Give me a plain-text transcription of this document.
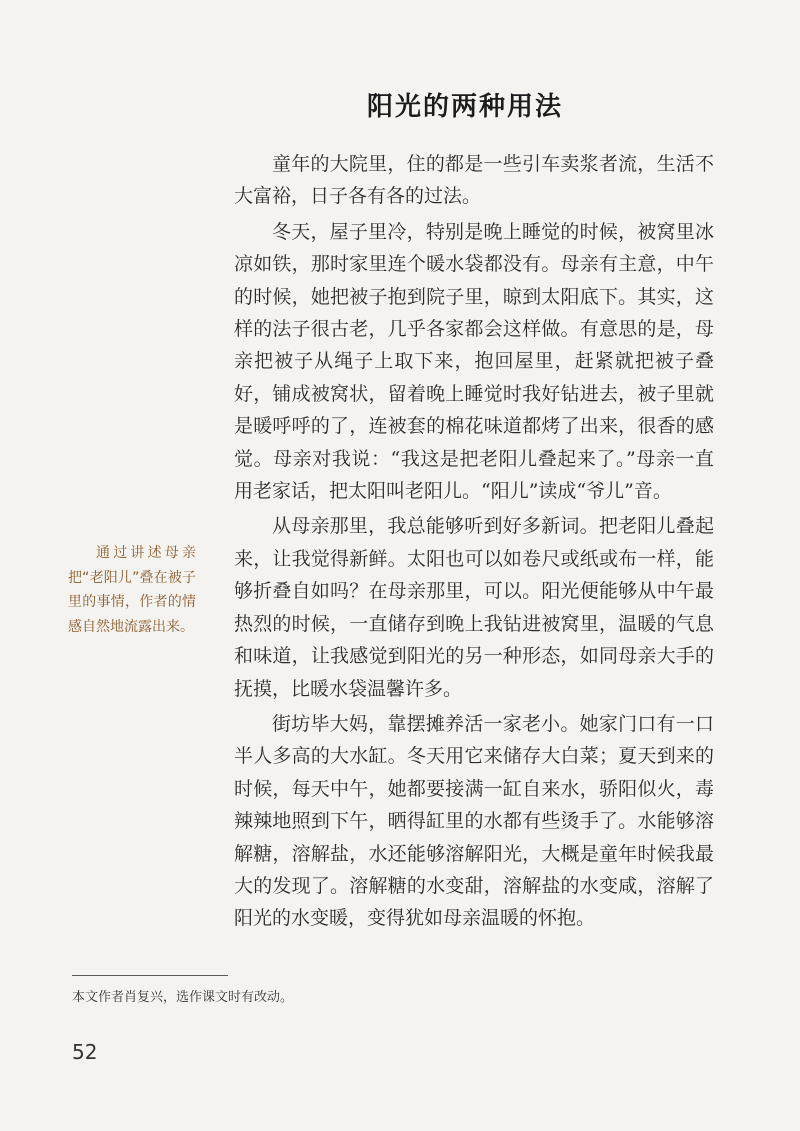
阳光的两种用法

童年的大院里，住的都是一些引车卖浆者流，生活不大富裕，日子各有各的过法。

冬天，屋子里冷，特别是晚上睡觉的时候，被窝里冰凉如铁，那时家里连个暖水袋都没有。母亲有主意，中午的时候，她把被子抱到院子里，晾到太阳底下。其实，这样的法子很古老，几乎各家都会这样做。有意思的是，母亲把被子从绳子上取下来，抱回屋里，赶紧就把被子叠好，铺成被窝状，留着晚上睡觉时我好钻进去，被子里就是暖呼呼的了，连被套的棉花味道都烤了出来，很香的感觉。母亲对我说：“我这是把老阳儿叠起来了。”母亲一直用老家话，把太阳叫老阳儿。“阳儿”读成“爷儿”音。

从母亲那里，我总能够听到好多新词。把老阳儿叠起来，让我觉得新鲜。太阳也可以如卷尺或纸或布一样，能够折叠自如吗？在母亲那里，可以。阳光便能够从中午最热烈的时候，一直储存到晚上我钻进被窝里，温暖的气息和味道，让我感觉到阳光的另一种形态，如同母亲大手的抚摸，比暖水袋温馨许多。

街坊毕大妈，靠摆摊养活一家老小。她家门口有一口半人多高的大水缸。冬天用它来储存大白菜；夏天到来的时候，每天中午，她都要接满一缸自来水，骄阳似火，毒辣辣地照到下午，晒得缸里的水都有些烫手了。水能够溶解糖，溶解盐，水还能够溶解阳光，大概是童年时候我最大的发现了。溶解糖的水变甜，溶解盐的水变咸，溶解了阳光的水变暖，变得犹如母亲温暖的怀抱。

通过讲述母亲把“老阳儿”叠在被子里的事情，作者的情感自然地流露出来。
本文作者肖复兴，选作课文时有改动。
52
